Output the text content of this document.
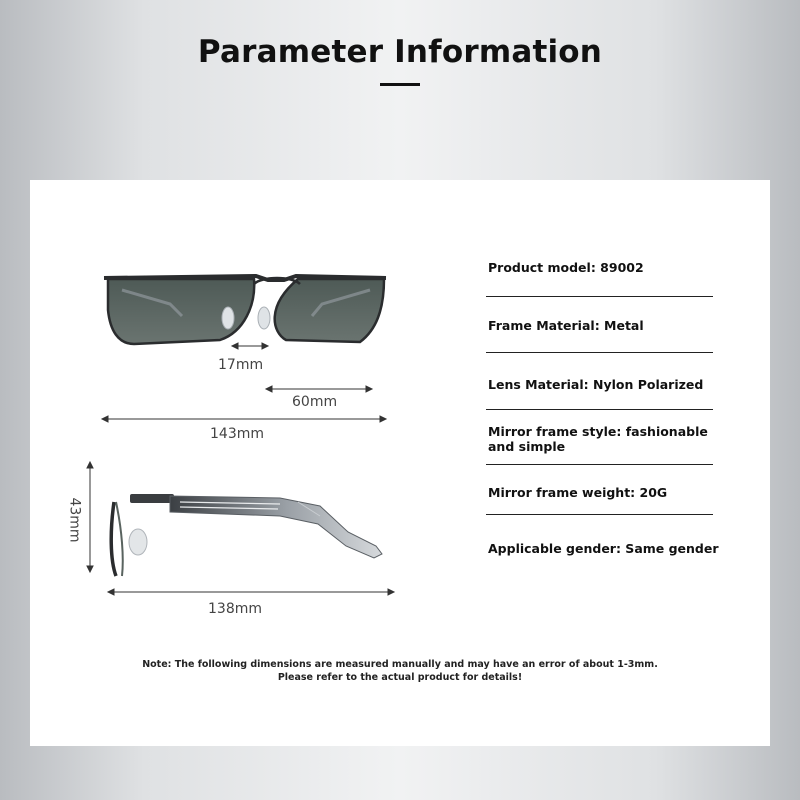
Parameter Information
17mm
60mm
143mm
43mm
138mm
Product model: 89002
Frame Material: Metal
Lens Material: Nylon Polarized
Mirror frame style: fashionable and simple
Mirror frame weight: 20G
Applicable gender: Same gender
Note: The following dimensions are measured manually and may have an error of about 1-3mm.
Please refer to the actual product for details!
